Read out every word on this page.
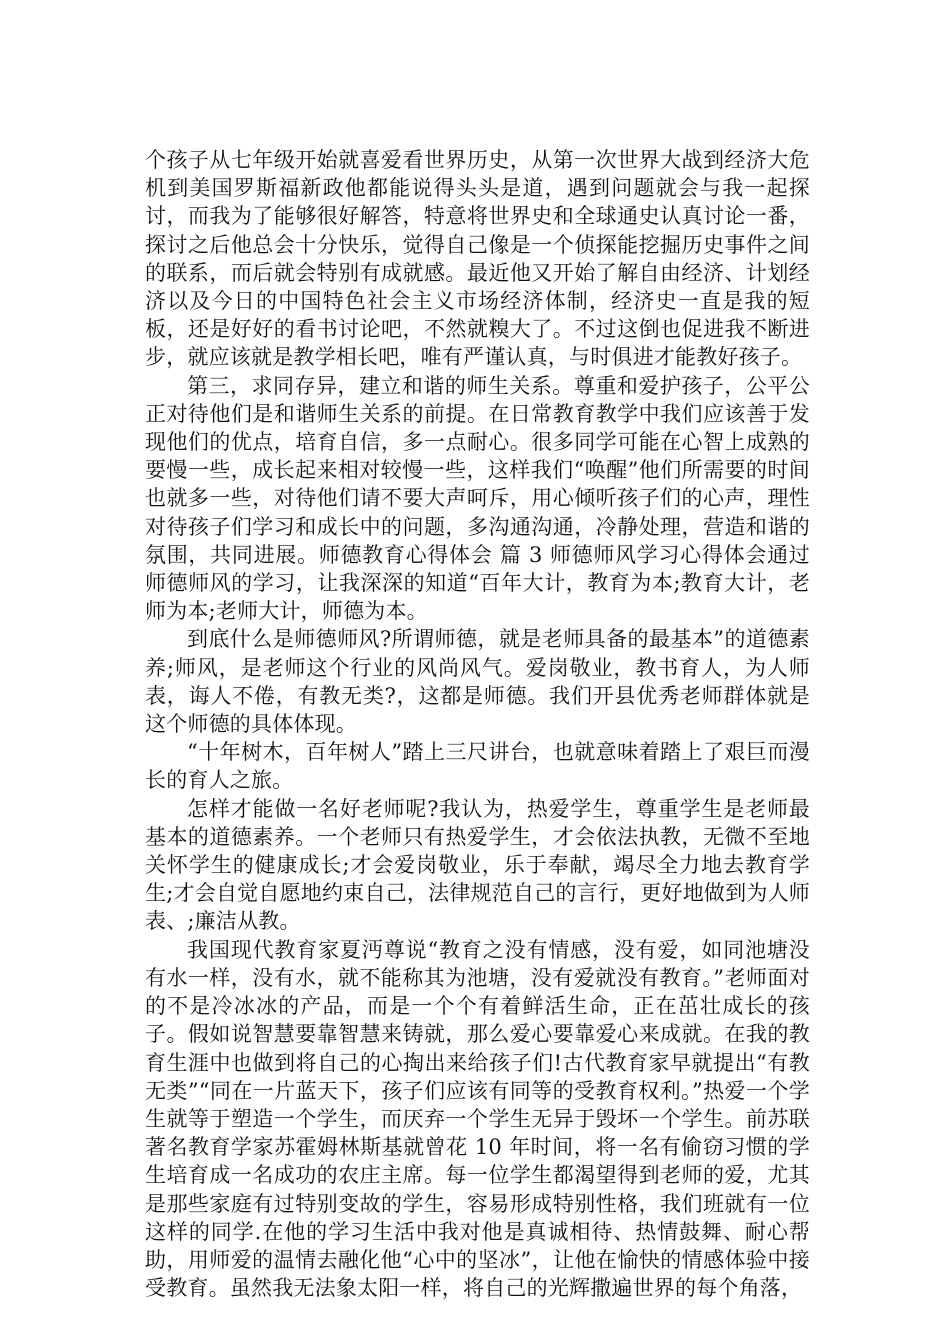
个孩子从七年级开始就喜爱看世界历史，从第一次世界大战到经济大危机到美国罗斯福新政他都能说得头头是道，遇到问题就会与我一起探讨，而我为了能够很好解答，特意将世界史和全球通史认真讨论一番，探讨之后他总会十分快乐，觉得自己像是一个侦探能挖掘历史事件之间的联系，而后就会特别有成就感。最近他又开始了解自由经济、计划经济以及今日的中国特色社会主义市场经济体制，经济史一直是我的短板，还是好好的看书讨论吧，不然就糗大了。不过这倒也促进我不断进步，就应该就是教学相长吧，唯有严谨认真，与时俱进才能教好孩子。

第三，求同存异，建立和谐的师生关系。尊重和爱护孩子，公平公正对待他们是和谐师生关系的前提。在日常教育教学中我们应该善于发现他们的优点，培育自信，多一点耐心。很多同学可能在心智上成熟的要慢一些，成长起来相对较慢一些，这样我们“唤醒”他们所需要的时间也就多一些，对待他们请不要大声呵斥，用心倾听孩子们的心声，理性对待孩子们学习和成长中的问题，多沟通沟通，冷静处理，营造和谐的氛围，共同进展。师德教育心得体会 篇 3 师德师风学习心得体会通过师德师风的学习，让我深深的知道“百年大计，教育为本;教育大计，老师为本;老师大计，师德为本。

到底什么是师德师风?所谓师德，就是老师具备的最基本”的道德素养;师风，是老师这个行业的风尚风气。爱岗敬业，教书育人，为人师表，诲人不倦，有教无类?，这都是师德。我们开县优秀老师群体就是这个师德的具体体现。

“十年树木，百年树人”踏上三尺讲台，也就意味着踏上了艰巨而漫长的育人之旅。

怎样才能做一名好老师呢?我认为，热爱学生，尊重学生是老师最基本的道德素养。一个老师只有热爱学生，才会依法执教，无微不至地关怀学生的健康成长;才会爱岗敬业，乐于奉献，竭尽全力地去教育学生;才会自觉自愿地约束自己，法律规范自己的言行，更好地做到为人师表、;廉洁从教。

我国现代教育家夏沔尊说“教育之没有情感，没有爱，如同池塘没有水一样，没有水，就不能称其为池塘，没有爱就没有教育。”老师面对的不是冷冰冰的产品，而是一个个有着鲜活生命，正在茁壮成长的孩子。假如说智慧要靠智慧来铸就，那么爱心要靠爱心来成就。在我的教育生涯中也做到将自己的心掏出来给孩子们!古代教育家早就提出“有教无类”“同在一片蓝天下，孩子们应该有同等的受教育权利。”热爱一个学生就等于塑造一个学生，而厌弃一个学生无异于毁坏一个学生。前苏联著名教育学家苏霍姆林斯基就曾花 10 年时间，将一名有偷窃习惯的学生培育成一名成功的农庄主席。每一位学生都渴望得到老师的爱，尤其是那些家庭有过特别变故的学生，容易形成特别性格，我们班就有一位这样的同学.在他的学习生活中我对他是真诚相待、热情鼓舞、耐心帮助，用师爱的温情去融化他“心中的坚冰”，让他在愉快的情感体验中接受教育。虽然我无法象太阳一样，将自己的光辉撒遍世界的每个角落，
